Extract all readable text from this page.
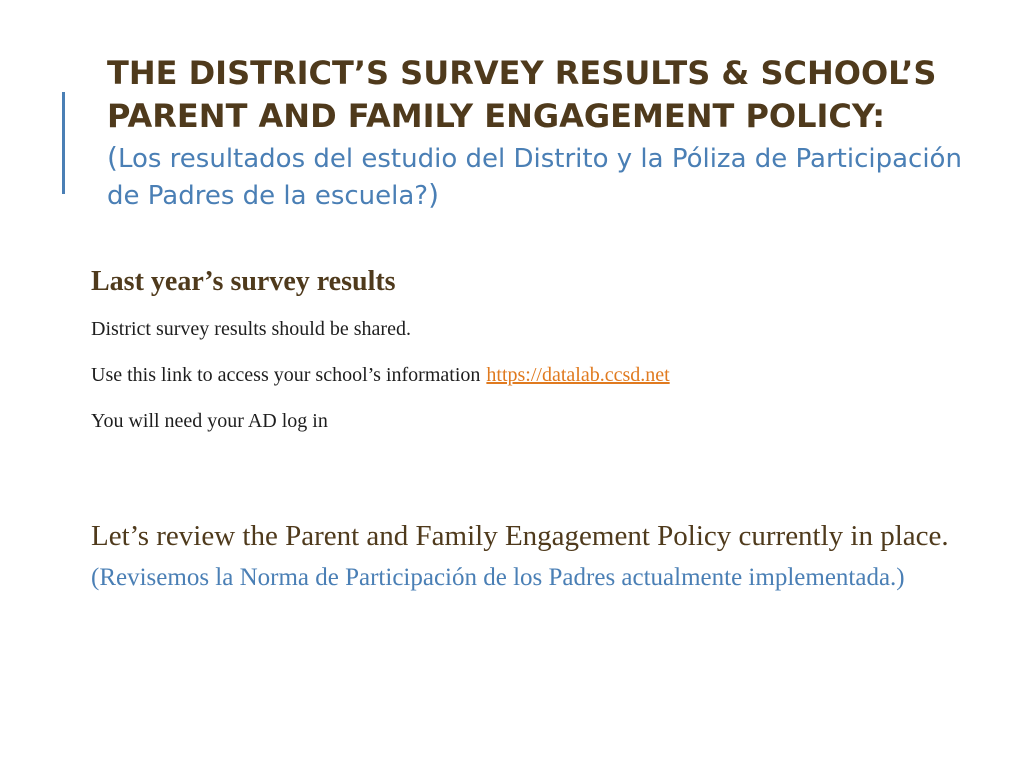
THE DISTRICT’S SURVEY RESULTS & SCHOOL’S PARENT AND FAMILY ENGAGEMENT POLICY:

(Los resultados del estudio del Distrito y la Póliza de Participación de Padres de la escuela?)

Last year’s survey results

District survey results should be shared.

Use this link to access your school’s information https://datalab.ccsd.net

You will need your AD log in

Let’s review the Parent and Family Engagement Policy currently in place. (Revisemos la Norma de Participación de los Padres actualmente implementada.)
